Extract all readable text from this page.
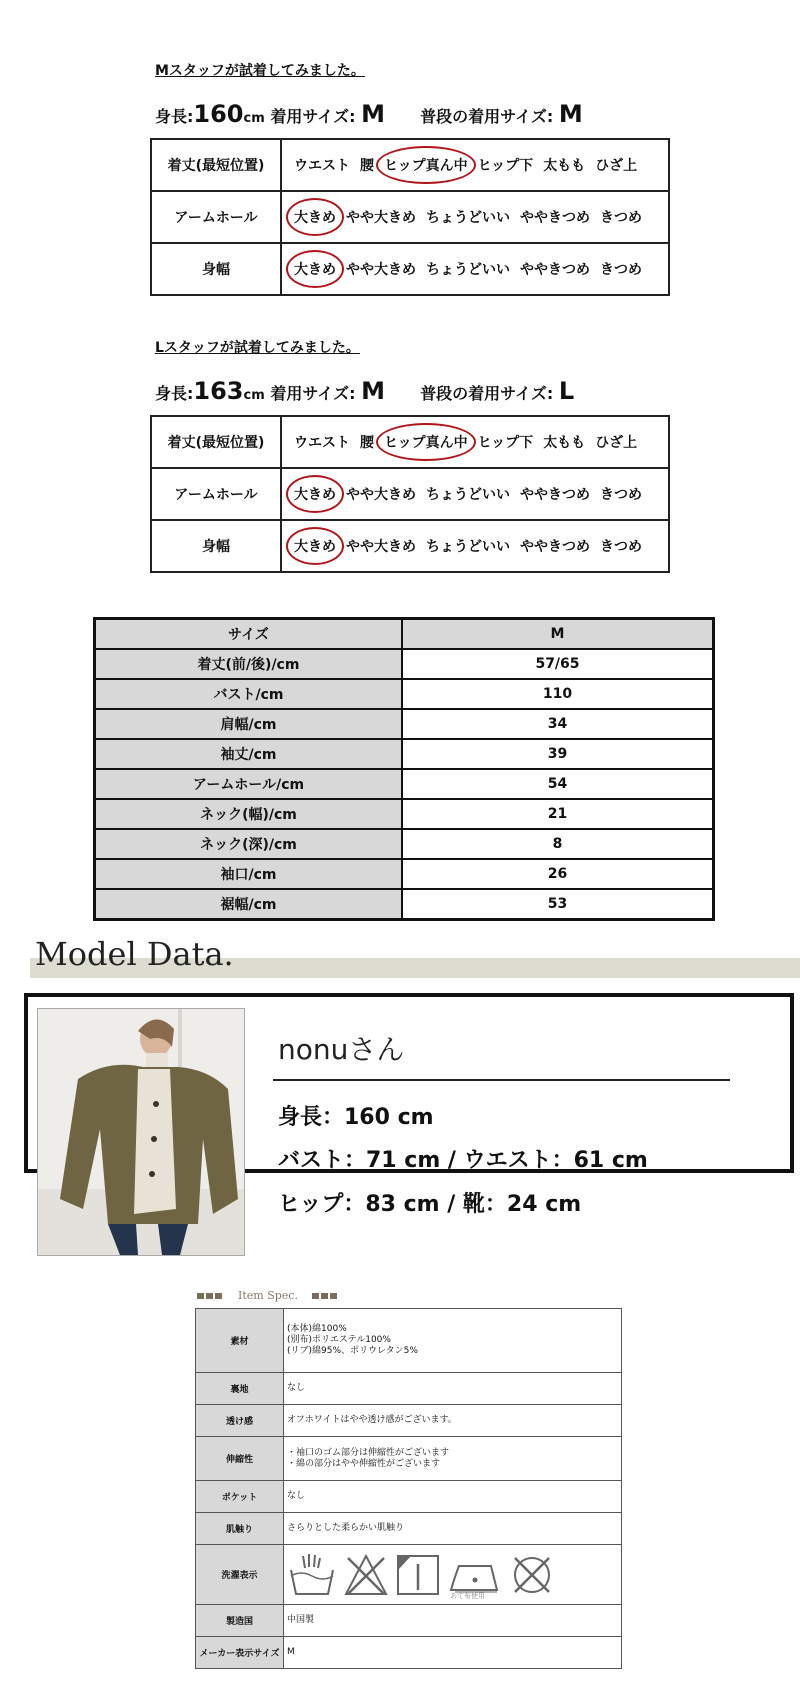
Mスタッフが試着してみました。
身長:160cm 着用サイズ: M 普段の着用サイズ: M
着丈(最短位置)	ウエスト 腰 ヒップ真ん中 ヒップ下 太もも ひざ上
アームホール	大きめ やや大きめ ちょうどいい ややきつめ きつめ
身幅	大きめ やや大きめ ちょうどいい ややきつめ きつめ
Lスタッフが試着してみました。
身長:163cm 着用サイズ: M 普段の着用サイズ: L
着丈(最短位置)	ウエスト 腰 ヒップ真ん中 ヒップ下 太もも ひざ上
アームホール	大きめ やや大きめ ちょうどいい ややきつめ きつめ
身幅	大きめ やや大きめ ちょうどいい ややきつめ きつめ
サイズ	M
着丈(前/後)/cm	57/65
バスト/cm	110
肩幅/cm	34
袖丈/cm	39
アームホール/cm	54
ネック(幅)/cm	21
ネック(深)/cm	8
袖口/cm	26
裾幅/cm	53
Model Data.
nonuさん
身長：160 cm
バスト：71 cm / ウエスト：61 cm
ヒップ：83 cm / 靴：24 cm
Item Spec.
素材	(本体)綿100%
(別布)ポリエステル100%
(リブ)綿95%、ポリウレタン5%
裏地	なし
透け感	オフホワイトはやや透け感がございます。
伸縮性	・袖口のゴム部分は伸縮性がございます
・綿の部分はやや伸縮性がございます
ポケット	なし
肌触り	さらりとした柔らかい肌触り
洗濯表示	あて布使用

製造国	中国製
メーカー表示サイズ	M
